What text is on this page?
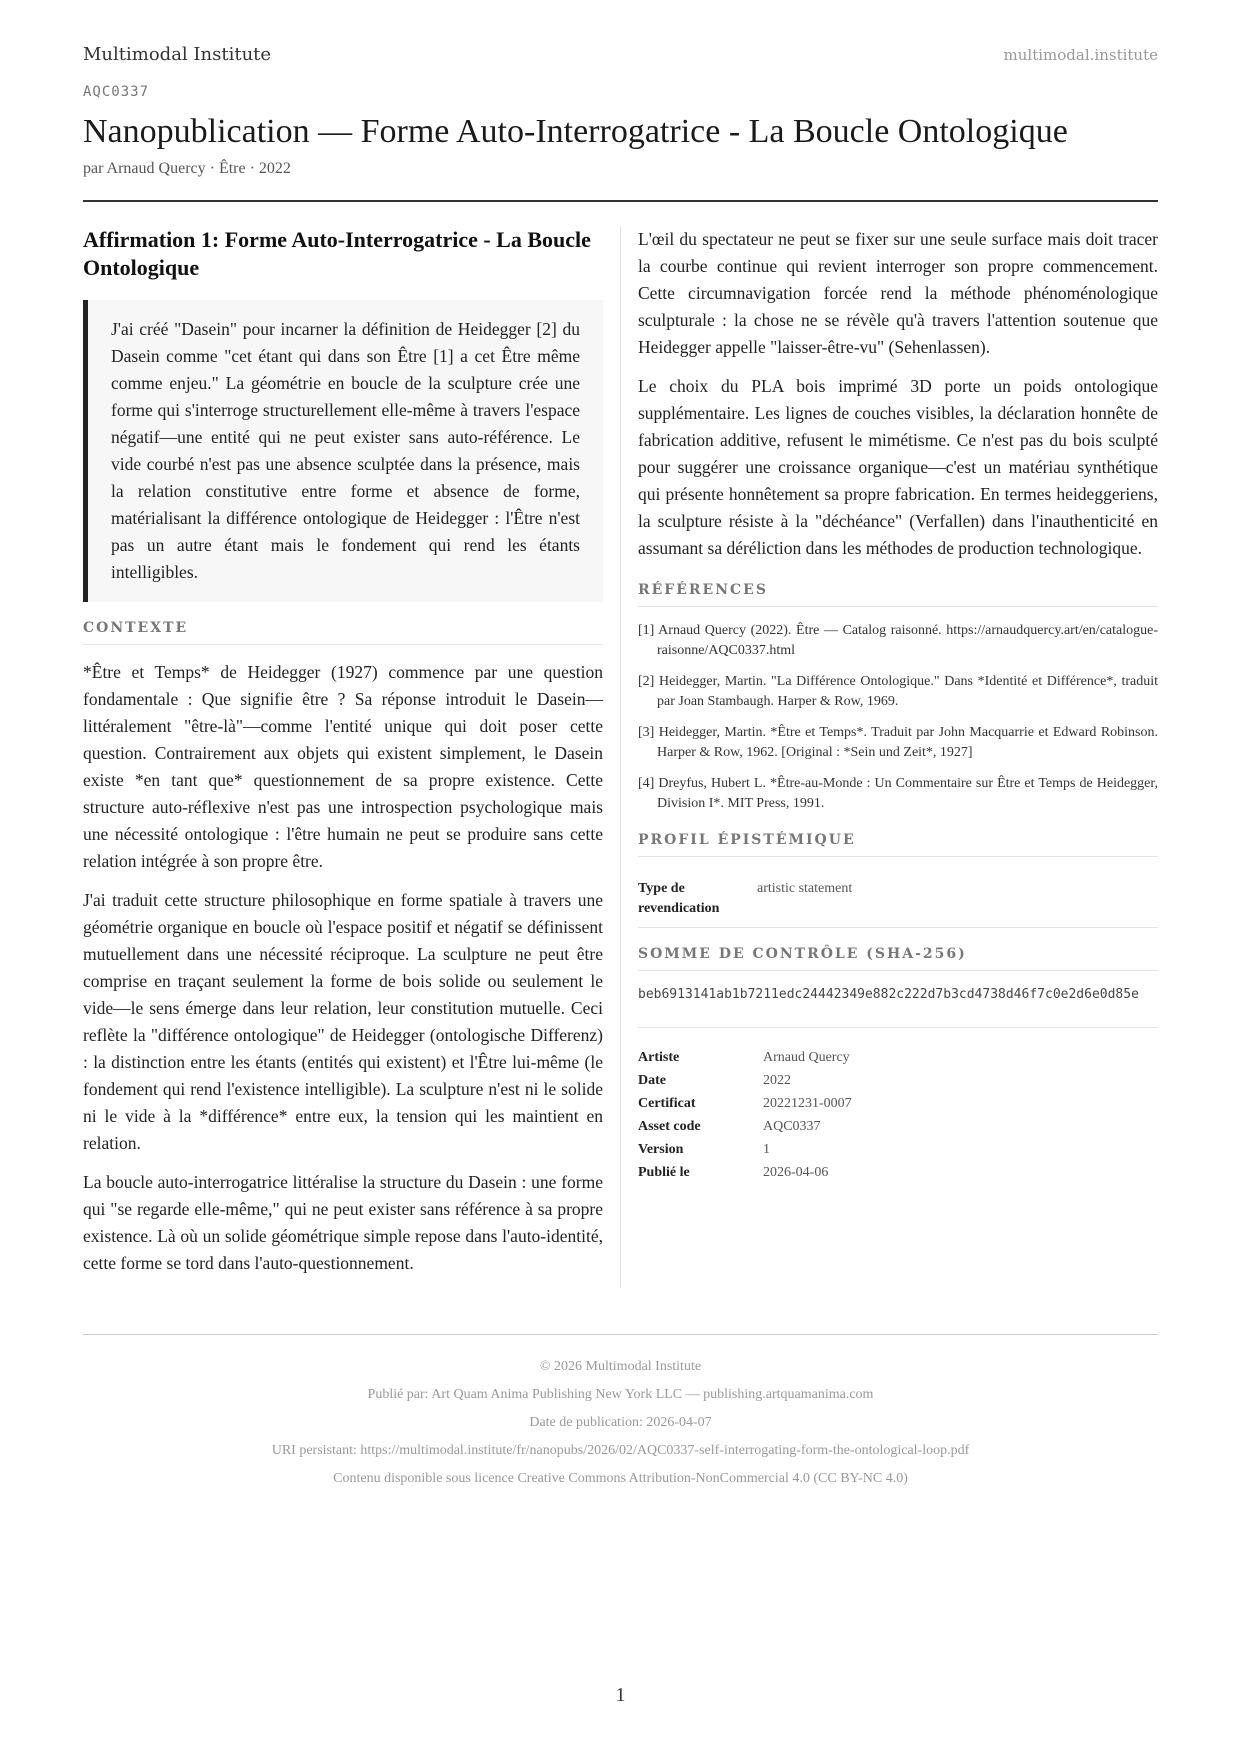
Multimodal Institute	multimodal.institute
AQC0337
Nanopublication — Forme Auto-Interrogatrice - La Boucle Ontologique
par Arnaud Quercy · Être · 2022
Affirmation 1: Forme Auto-Interrogatrice - La Boucle Ontologique

J'ai créé "Dasein" pour incarner la définition de Heidegger [2] du Dasein comme "cet étant qui dans son Être [1] a cet Être même comme enjeu." La géométrie en boucle de la sculpture crée une forme qui s'interroge structurellement elle-même à travers l'espace négatif—une entité qui ne peut exister sans auto-référence. Le vide courbé n'est pas une absence sculptée dans la présence, mais la relation constitutive entre forme et absence de forme, matérialisant la différence ontologique de Heidegger : l'Être n'est pas un autre étant mais le fondement qui rend les étants intelligibles.

CONTEXTE

*Être et Temps* de Heidegger (1927) commence par une question fondamentale : Que signifie être ? Sa réponse introduit le Dasein—littéralement "être-là"—comme l'entité unique qui doit poser cette question. Contrairement aux objets qui existent simplement, le Dasein existe *en tant que* questionnement de sa propre existence. Cette structure auto-réflexive n'est pas une introspection psychologique mais une nécessité ontologique : l'être humain ne peut se produire sans cette relation intégrée à son propre être.

J'ai traduit cette structure philosophique en forme spatiale à travers une géométrie organique en boucle où l'espace positif et négatif se définissent mutuellement dans une nécessité réciproque. La sculpture ne peut être comprise en traçant seulement la forme de bois solide ou seulement le vide—le sens émerge dans leur relation, leur constitution mutuelle. Ceci reflète la "différence ontologique" de Heidegger (ontologische Differenz) : la distinction entre les étants (entités qui existent) et l'Être lui-même (le fondement qui rend l'existence intelligible). La sculpture n'est ni le solide ni le vide à la *différence* entre eux, la tension qui les maintient en relation.

La boucle auto-interrogatrice littéralise la structure du Dasein : une forme qui "se regarde elle-même," qui ne peut exister sans référence à sa propre existence. Là où un solide géométrique simple repose dans l'auto-identité, cette forme se tord dans l'auto-questionnement.

L'œil du spectateur ne peut se fixer sur une seule surface mais doit tracer la courbe continue qui revient interroger son propre commencement. Cette circumnavigation forcée rend la méthode phénoménologique sculpturale : la chose ne se révèle qu'à travers l'attention soutenue que Heidegger appelle "laisser-être-vu" (Sehenlassen).

Le choix du PLA bois imprimé 3D porte un poids ontologique supplémentaire. Les lignes de couches visibles, la déclaration honnête de fabrication additive, refusent le mimétisme. Ce n'est pas du bois sculpté pour suggérer une croissance organique—c'est un matériau synthétique qui présente honnêtement sa propre fabrication. En termes heideggeriens, la sculpture résiste à la "déchéance" (Verfallen) dans l'inauthenticité en assumant sa déréliction dans les méthodes de production technologique.

RÉFÉRENCES
[1] Arnaud Quercy (2022). Être — Catalog raisonné. https://arnaudquercy.art/en/catalogue-raisonne/AQC0337.html
[2] Heidegger, Martin. "La Différence Ontologique." Dans *Identité et Différence*, traduit par Joan Stambaugh. Harper & Row, 1969.
[3] Heidegger, Martin. *Être et Temps*. Traduit par John Macquarrie et Edward Robinson. Harper & Row, 1962. [Original : *Sein und Zeit*, 1927]
[4] Dreyfus, Hubert L. *Être-au-Monde : Un Commentaire sur Être et Temps de Heidegger, Division I*. MIT Press, 1991.
PROFIL ÉPISTÉMIQUE
Type de revendication	artistic statement
SOMME DE CONTRÔLE (SHA-256)
beb6913141ab1b7211edc24442349e882c222d7b3cd4738d46f7c0e2d6e0d85e
Artiste	Arnaud Quercy
Date	2022
Certificat	20221231-0007
Asset code	AQC0337
Version	1
Publié le	2026-04-06
© 2026 Multimodal Institute
Publié par: Art Quam Anima Publishing New York LLC — publishing.artquamanima.com
Date de publication: 2026-04-07
URI persistant: https://multimodal.institute/fr/nanopubs/2026/02/AQC0337-self-interrogating-form-the-ontological-loop.pdf
Contenu disponible sous licence Creative Commons Attribution-NonCommercial 4.0 (CC BY-NC 4.0)
1
